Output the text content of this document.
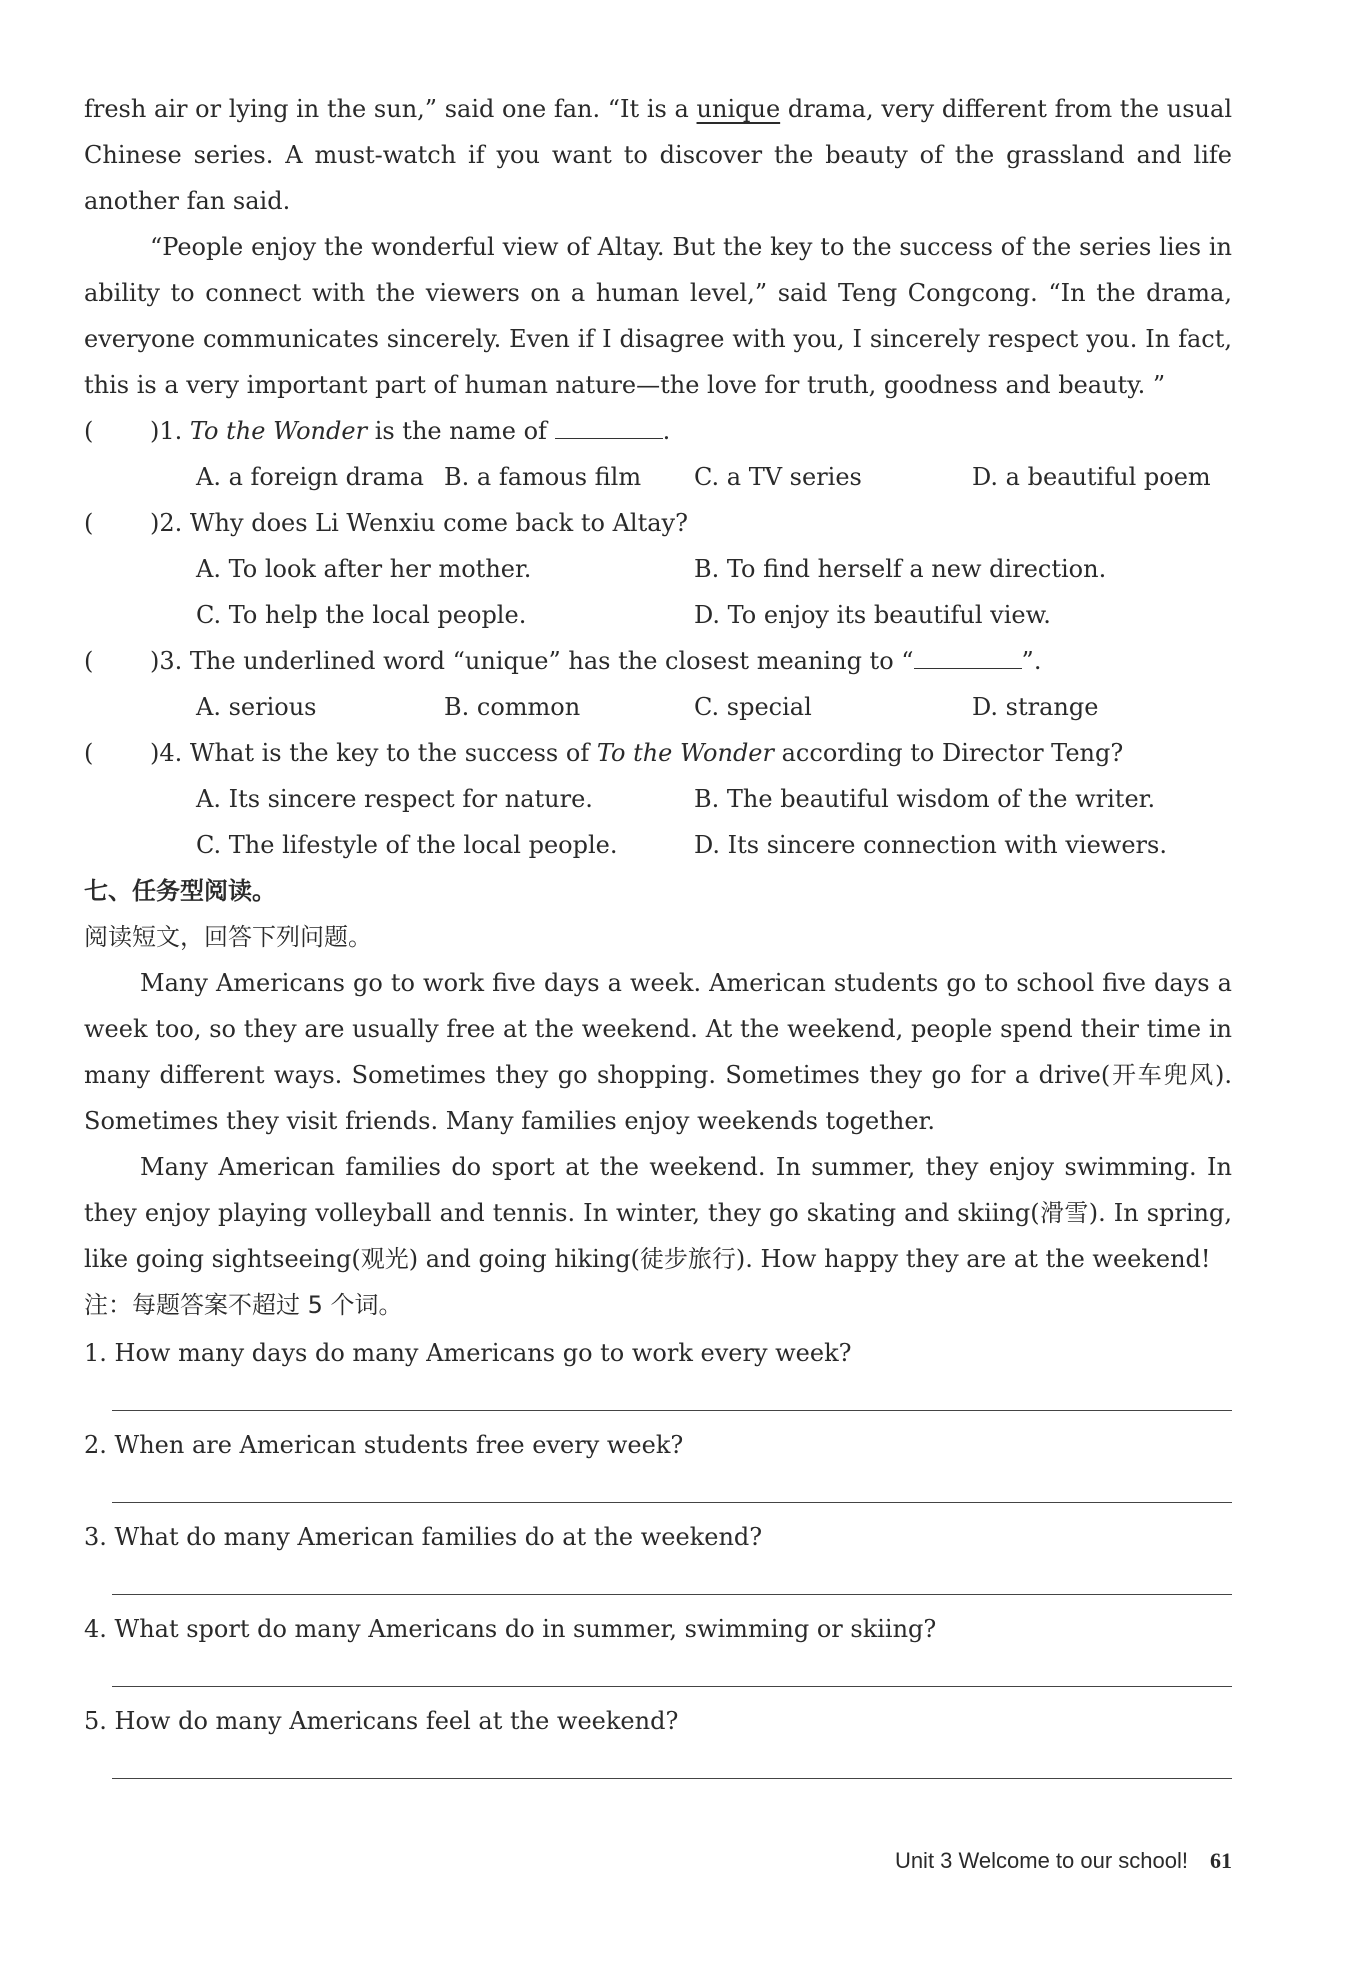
fresh air or lying in the sun,” said one fan. “It is a unique drama, very different from the usual
Chinese series. A must-watch if you want to discover the beauty of the grassland and life
another fan said.
“People enjoy the wonderful view of Altay. But the key to the success of the series lies in
ability to connect with the viewers on a human level,” said Teng Congcong. “In the drama,
everyone communicates sincerely. Even if I disagree with you, I sincerely respect you. In fact,
this is a very important part of human nature—the love for truth, goodness and beauty. ”
( )1. To the Wonder is the name of	.
A. a foreign drama B. a famous film C. a TV series	D. a beautiful poem
( )2. Why does Li Wenxiu come back to Altay?
A. To look after her mother.	B. To find herself a new direction.
C. To help the local people.	D. To enjoy its beautiful view.
( )3. The underlined word “unique” has the closest meaning to “	”.
A. serious	B. common	C. special	D. strange
( )4. What is the key to the success of To the Wonder according to Director Teng?
A. Its sincere respect for nature.	B. The beautiful wisdom of the writer.
C. The lifestyle of the local people.	D. Its sincere connection with viewers.
七、任务型阅读。
阅读短文，回答下列问题。
Many Americans go to work five days a week. American students go to school five days a
week too, so they are usually free at the weekend. At the weekend, people spend their time in
many different ways. Sometimes they go shopping. Sometimes they go for a drive(开车兜风).
Sometimes they visit friends. Many families enjoy weekends together.
Many American families do sport at the weekend. In summer, they enjoy swimming. In
they enjoy playing volleyball and tennis. In winter, they go skating and skiing(滑雪). In spring,
like going sightseeing(观光) and going hiking(徒步旅行). How happy they are at the weekend!
注：每题答案不超过 5 个词。
1. How many days do many Americans go to work every week?
2. When are American students free every week?
3. What do many American families do at the weekend?
4. What sport do many Americans do in summer, swimming or skiing?
5. How do many Americans feel at the weekend?
Unit 3 Welcome to our school! 61
